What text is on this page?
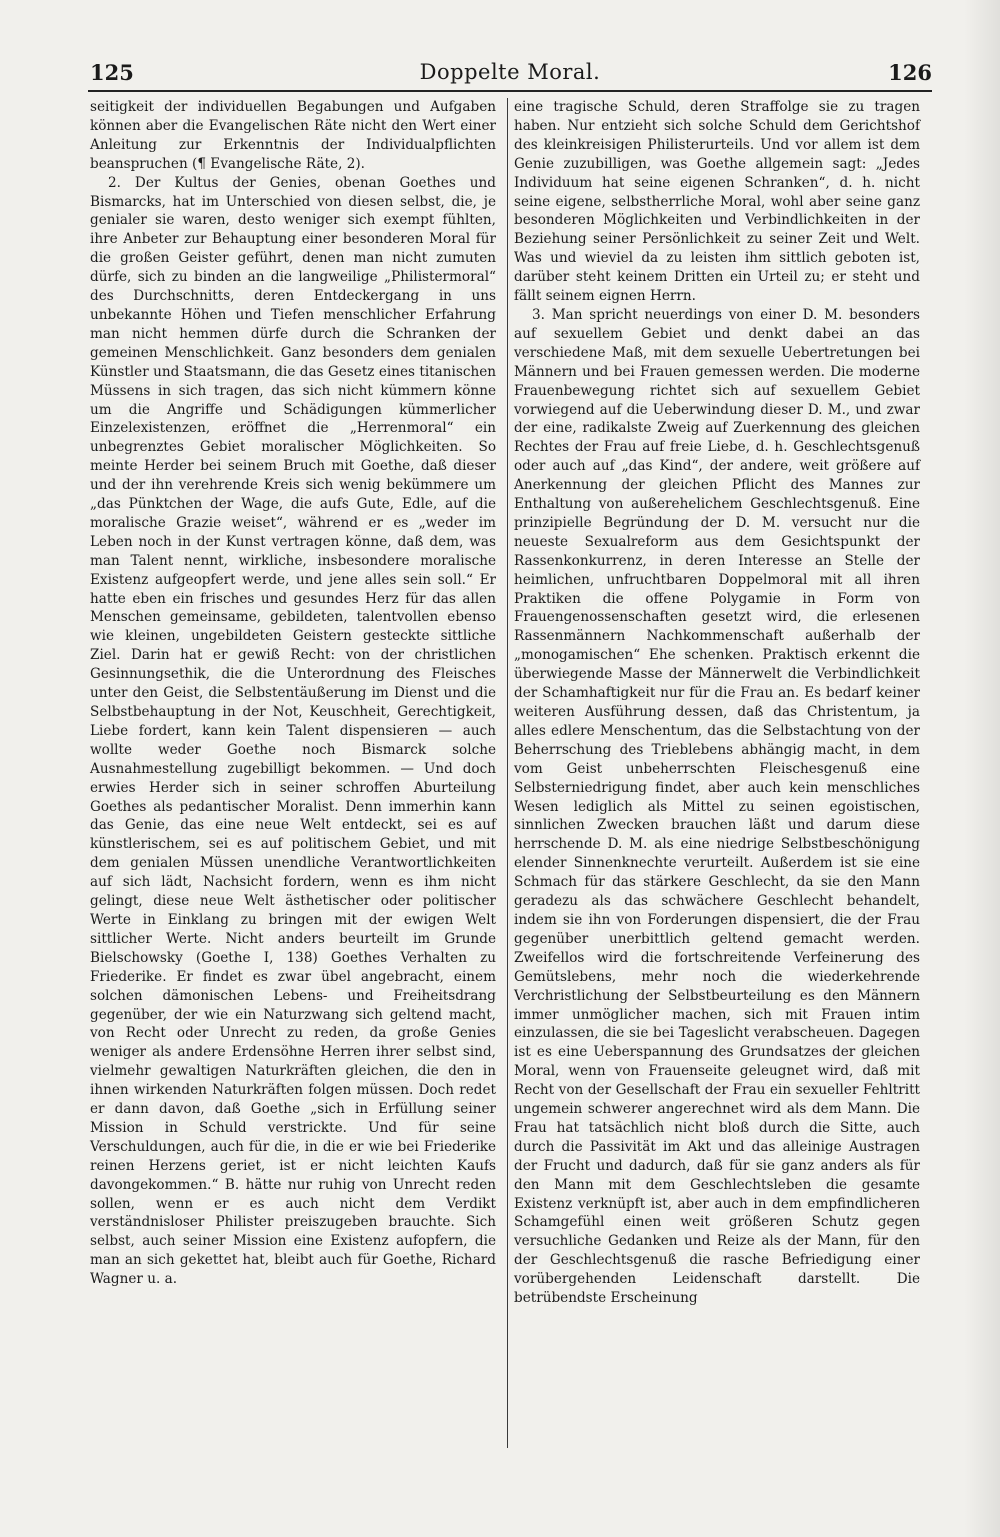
125	Doppelte Moral.	126

seitigkeit der individuellen Begabungen und Aufgaben können aber die Evangelischen Räte nicht den Wert einer Anleitung zur Erkenntnis der Individualpflichten beanspruchen (¶ Evangelische Räte, 2).

2. Der Kultus der Genies, obenan Goethes und Bismarcks, hat im Unterschied von diesen selbst, die, je genialer sie waren, desto weniger sich exempt fühlten, ihre Anbeter zur Behauptung einer besonderen Moral für die großen Geister geführt, denen man nicht zumuten dürfe, sich zu binden an die langweilige „Philistermoral“ des Durchschnitts, deren Entdeckergang in uns unbekannte Höhen und Tiefen menschlicher Erfahrung man nicht hemmen dürfe durch die Schranken der gemeinen Menschlichkeit. Ganz besonders dem genialen Künstler und Staatsmann, die das Gesetz eines titanischen Müssens in sich tragen, das sich nicht kümmern könne um die Angriffe und Schädigungen kümmerlicher Einzelexistenzen, eröffnet die „Herrenmoral“ ein unbegrenztes Gebiet moralischer Möglichkeiten. So meinte Herder bei seinem Bruch mit Goethe, daß dieser und der ihn verehrende Kreis sich wenig bekümmere um „das Pünktchen der Wage, die aufs Gute, Edle, auf die moralische Grazie weiset“, während er es „weder im Leben noch in der Kunst vertragen könne, daß dem, was man Talent nennt, wirkliche, insbesondere moralische Existenz aufgeopfert werde, und jene alles sein soll.“ Er hatte eben ein frisches und gesundes Herz für das allen Menschen gemeinsame, gebildeten, talentvollen ebenso wie kleinen, ungebildeten Geistern gesteckte sittliche Ziel. Darin hat er gewiß Recht: von der christlichen Gesinnungsethik, die die Unterordnung des Fleisches unter den Geist, die Selbstentäußerung im Dienst und die Selbstbehauptung in der Not, Keuschheit, Gerechtigkeit, Liebe fordert, kann kein Talent dispensieren — auch wollte weder Goethe noch Bismarck solche Ausnahmestellung zugebilligt bekommen. — Und doch erwies Herder sich in seiner schroffen Aburteilung Goethes als pedantischer Moralist. Denn immerhin kann das Genie, das eine neue Welt entdeckt, sei es auf künstlerischem, sei es auf politischem Gebiet, und mit dem genialen Müssen unendliche Verantwortlichkeiten auf sich lädt, Nachsicht fordern, wenn es ihm nicht gelingt, diese neue Welt ästhetischer oder politischer Werte in Einklang zu bringen mit der ewigen Welt sittlicher Werte. Nicht anders beurteilt im Grunde Bielschowsky (Goethe I, 138) Goethes Verhalten zu Friederike. Er findet es zwar übel angebracht, einem solchen dämonischen Lebens- und Freiheitsdrang gegenüber, der wie ein Naturzwang sich geltend macht, von Recht oder Unrecht zu reden, da große Genies weniger als andere Erdensöhne Herren ihrer selbst sind, vielmehr gewaltigen Naturkräften gleichen, die den in ihnen wirkenden Naturkräften folgen müssen. Doch redet er dann davon, daß Goethe „sich in Erfüllung seiner Mission in Schuld verstrickte. Und für seine Verschuldungen, auch für die, in die er wie bei Friederike reinen Herzens geriet, ist er nicht leichten Kaufs davongekommen.“ B. hätte nur ruhig von Unrecht reden sollen, wenn er es auch nicht dem Verdikt verständnisloser Philister preiszugeben brauchte. Sich selbst, auch seiner Mission eine Existenz aufopfern, die man an sich gekettet hat, bleibt auch für Goethe, Richard Wagner u. a.

eine tragische Schuld, deren Straffolge sie zu tragen haben. Nur entzieht sich solche Schuld dem Gerichtshof des kleinkreisigen Philisterurteils. Und vor allem ist dem Genie zuzubilligen, was Goethe allgemein sagt: „Jedes Individuum hat seine eigenen Schranken“, d. h. nicht seine eigene, selbstherrliche Moral, wohl aber seine ganz besonderen Möglichkeiten und Verbindlichkeiten in der Beziehung seiner Persönlichkeit zu seiner Zeit und Welt. Was und wieviel da zu leisten ihm sittlich geboten ist, darüber steht keinem Dritten ein Urteil zu; er steht und fällt seinem eignen Herrn.

3. Man spricht neuerdings von einer D. M. besonders auf sexuellem Gebiet und denkt dabei an das verschiedene Maß, mit dem sexuelle Uebertretungen bei Männern und bei Frauen gemessen werden. Die moderne Frauenbewegung richtet sich auf sexuellem Gebiet vorwiegend auf die Ueberwindung dieser D. M., und zwar der eine, radikalste Zweig auf Zuerkennung des gleichen Rechtes der Frau auf freie Liebe, d. h. Geschlechtsgenuß oder auch auf „das Kind“, der andere, weit größere auf Anerkennung der gleichen Pflicht des Mannes zur Enthaltung von außerehelichem Geschlechtsgenuß. Eine prinzipielle Begründung der D. M. versucht nur die neueste Sexualreform aus dem Gesichtspunkt der Rassenkonkurrenz, in deren Interesse an Stelle der heimlichen, unfruchtbaren Doppelmoral mit all ihren Praktiken die offene Polygamie in Form von Frauengenossenschaften gesetzt wird, die erlesenen Rassenmännern Nachkommenschaft außerhalb der „monogamischen“ Ehe schenken. Praktisch erkennt die überwiegende Masse der Männerwelt die Verbindlichkeit der Schamhaftigkeit nur für die Frau an. Es bedarf keiner weiteren Ausführung dessen, daß das Christentum, ja alles edlere Menschentum, das die Selbstachtung von der Beherrschung des Trieblebens abhängig macht, in dem vom Geist unbeherrschten Fleischesgenuß eine Selbsterniedrigung findet, aber auch kein menschliches Wesen lediglich als Mittel zu seinen egoistischen, sinnlichen Zwecken brauchen läßt und darum diese herrschende D. M. als eine niedrige Selbstbeschönigung elender Sinnenknechte verurteilt. Außerdem ist sie eine Schmach für das stärkere Geschlecht, da sie den Mann geradezu als das schwächere Geschlecht behandelt, indem sie ihn von Forderungen dispensiert, die der Frau gegenüber unerbittlich geltend gemacht werden. Zweifellos wird die fortschreitende Verfeinerung des Gemütslebens, mehr noch die wiederkehrende Verchristlichung der Selbstbeurteilung es den Männern immer unmöglicher machen, sich mit Frauen intim einzulassen, die sie bei Tageslicht verabscheuen. Dagegen ist es eine Ueberspannung des Grundsatzes der gleichen Moral, wenn von Frauenseite geleugnet wird, daß mit Recht von der Gesellschaft der Frau ein sexueller Fehltritt ungemein schwerer angerechnet wird als dem Mann. Die Frau hat tatsächlich nicht bloß durch die Sitte, auch durch die Passivität im Akt und das alleinige Austragen der Frucht und dadurch, daß für sie ganz anders als für den Mann mit dem Geschlechtsleben die gesamte Existenz verknüpft ist, aber auch in dem empfindlicheren Schamgefühl einen weit größeren Schutz gegen versuchliche Gedanken und Reize als der Mann, für den der Geschlechtsgenuß die rasche Befriedigung einer vorübergehenden Leidenschaft darstellt. Die betrübendste Erscheinung
